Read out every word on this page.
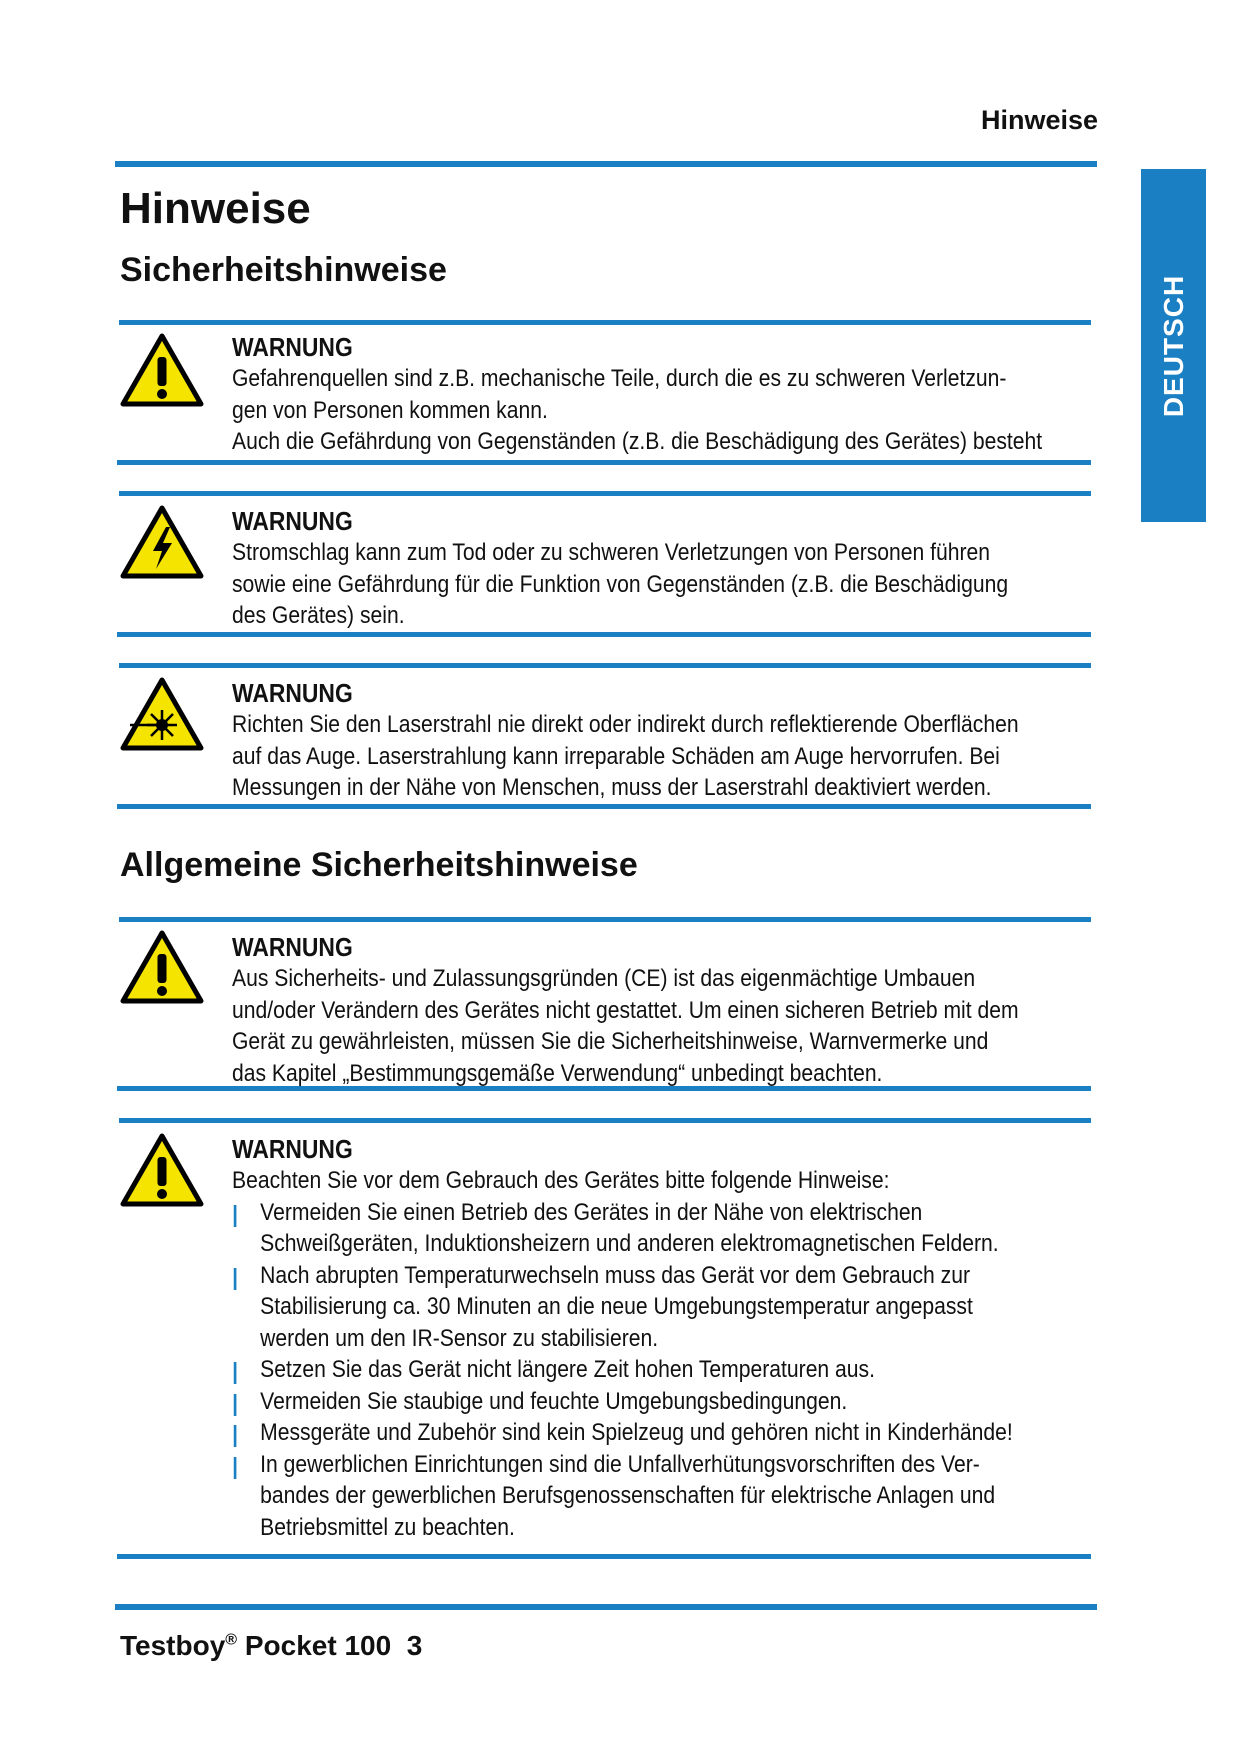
Hinweise
DEUTSCH
Hinweise
Sicherheitshinweise
WARNUNG
Gefahrenquellen sind z.B. mechanische Teile, durch die es zu schweren Verletzun-
gen von Personen kommen kann.
Auch die Gefährdung von Gegenständen (z.B. die Beschädigung des Gerätes) besteht
WARNUNG
Stromschlag kann zum Tod oder zu schweren Verletzungen von Personen führen
sowie eine Gefährdung für die Funktion von Gegenständen (z.B. die Beschädigung
des Gerätes) sein.
WARNUNG
Richten Sie den Laserstrahl nie direkt oder indirekt durch reflektierende Oberflächen
auf das Auge. Laserstrahlung kann irreparable Schäden am Auge hervorrufen. Bei
Messungen in der Nähe von Menschen, muss der Laserstrahl deaktiviert werden.
Allgemeine Sicherheitshinweise
WARNUNG
Aus Sicherheits- und Zulassungsgründen (CE) ist das eigenmächtige Umbauen
und/oder Verändern des Gerätes nicht gestattet. Um einen sicheren Betrieb mit dem
Gerät zu gewährleisten, müssen Sie die Sicherheitshinweise, Warnvermerke und
das Kapitel „Bestimmungsgemäße Verwendung“ unbedingt beachten.
WARNUNG
Beachten Sie vor dem Gebrauch des Gerätes bitte folgende Hinweise:
Vermeiden Sie einen Betrieb des Gerätes in der Nähe von elektrischen
Schweißgeräten, Induktionsheizern und anderen elektromagnetischen Feldern.
Nach abrupten Temperaturwechseln muss das Gerät vor dem Gebrauch zur
Stabilisierung ca. 30 Minuten an die neue Umgebungstemperatur angepasst
werden um den IR-Sensor zu stabilisieren.
Setzen Sie das Gerät nicht längere Zeit hohen Temperaturen aus.
Vermeiden Sie staubige und feuchte Umgebungsbedingungen.
Messgeräte und Zubehör sind kein Spielzeug und gehören nicht in Kinderhände!
In gewerblichen Einrichtungen sind die Unfallverhütungsvorschriften des Ver-
bandes der gewerblichen Berufsgenossenschaften für elektrische Anlagen und
Betriebsmittel zu beachten.
Testboy® Pocket 100 3
